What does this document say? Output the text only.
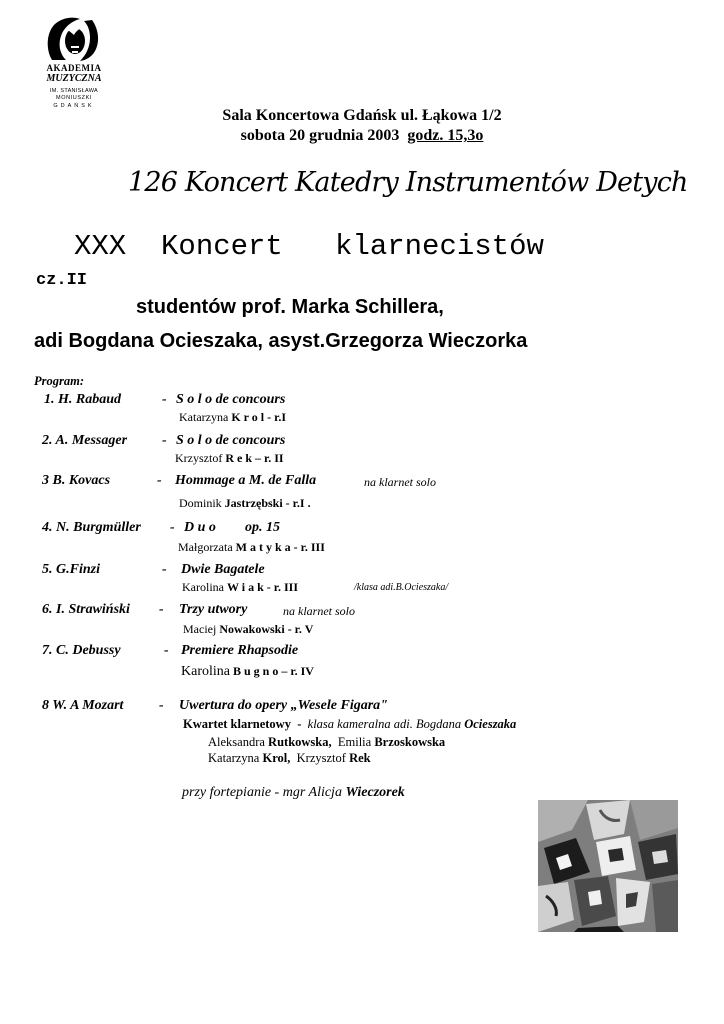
AKADEMIA
MUZYCZNA
IM. STANISŁAWA
MONIUSZKI
GDAŃSK
Sala Koncertowa Gdańsk ul. Łąkowa 1/2
sobota 20 grudnia 2003 godz. 15,3o
126 Koncert Katedry Instrumentów Detych
XXX  Koncert   klarnecistów
cz.II
studentów prof. Marka Schillera,
adi Bogdana Ocieszaka, asyst.Grzegorza Wieczorka
Program:
1. H. Rabaud	- S o l o de concours
Katarzyna K r o l - r.I
2. A. Messager - S o l o de concours
Krzysztof R e k – r. II
3 B. Kovacs	- Hommage a M. de Falla	na klarnet solo
Dominik Jastrzębski - r.I .
4. N. Burgmüller - D u o op. 15
Małgorzata M a t y k a - r. III
5. G.Finzi	- Dwie Bagatele
Karolina W i a k - r. III	/klasa adi.B.Ocieszaka/
6. I. Strawiński - Trzy utwory	na klarnet solo
Maciej Nowakowski - r. V
7. C. Debussy	- Premiere Rhapsodie
Karolina B u g n o – r. IV
8 W. A Mozart	- Uwertura do opery „Wesele Figara"
Kwartet klarnetowy - klasa kameralna adi. Bogdana Ocieszaka
Aleksandra Rutkowska, Emilia Brzoskowska
Katarzyna Krol, Krzysztof Rek
przy fortepianie - mgr Alicja Wieczorek
